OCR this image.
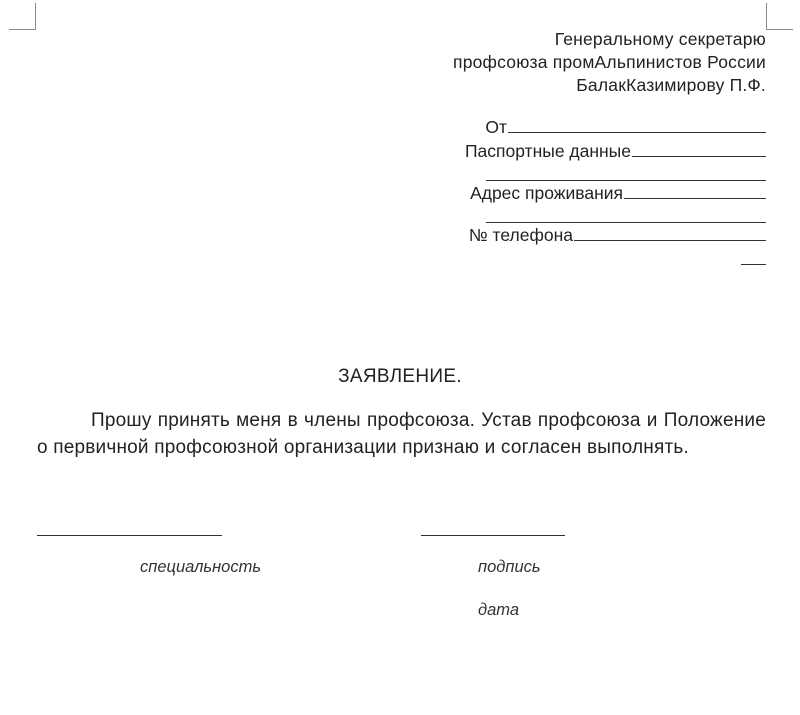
Генеральному секретарю
профсоюза промАльпинистов России
БалакКазимирову П.Ф.
От
Паспортные данные
Адрес проживания
№ телефона
ЗАЯВЛЕНИЕ.
Прошу принять меня в члены профсоюза. Устав профсоюза и Положение о первичной профсоюзной организации признаю и согласен выполнять.
специальность	подпись
дата
